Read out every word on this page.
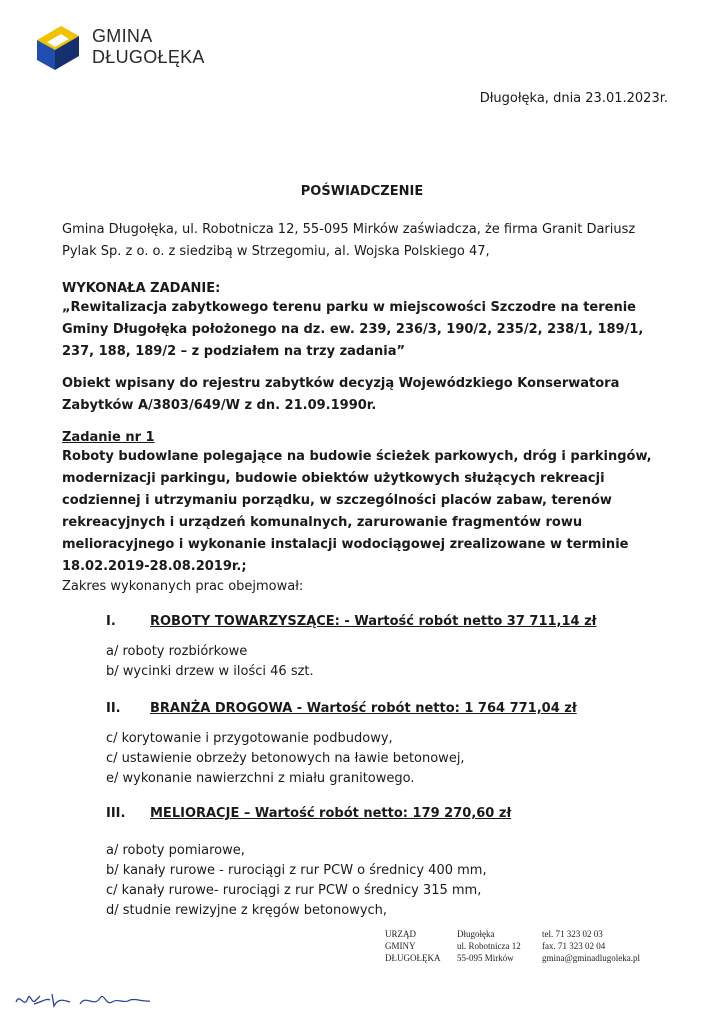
GMINA
DŁUGOŁĘKA
Długołęka, dnia 23.01.2023r.
POŚWIADCZENIE
Gmina Długołęka, ul. Robotnicza 12, 55-095 Mirków zaświadcza, że firma Granit Dariusz Pylak Sp. z o. o. z siedzibą w Strzegomiu, al. Wojska Polskiego 47,
WYKONAŁA ZADANIE:
„Rewitalizacja zabytkowego terenu parku w miejscowości Szczodre na terenie Gminy Długołęka położonego na dz. ew. 239, 236/3, 190/2, 235/2, 238/1, 189/1, 237, 188, 189/2 – z podziałem na trzy zadania”
Obiekt wpisany do rejestru zabytków decyzją Wojewódzkiego Konserwatora Zabytków A/3803/649/W z dn. 21.09.1990r.
Zadanie nr 1
Roboty budowlane polegające na budowie ścieżek parkowych, dróg i parkingów, modernizacji parkingu, budowie obiektów użytkowych służących rekreacji codziennej i utrzymaniu porządku, w szczególności placów zabaw, terenów rekreacyjnych i urządzeń komunalnych, zarurowanie fragmentów rowu melioracyjnego i wykonanie instalacji wodociągowej zrealizowane w terminie 18.02.2019-28.08.2019r.;
Zakres wykonanych prac obejmował:
I.	ROBOTY TOWARZYSZĄCE: - Wartość robót netto 37 711,14 zł
a/ roboty rozbiórkowe
b/ wycinki drzew w ilości 46 szt.
II. BRANŻA DROGOWA - Wartość robót netto: 1 764 771,04 zł
c/ korytowanie i przygotowanie podbudowy,
c/ ustawienie obrzeży betonowych na ławie betonowej,
e/ wykonanie nawierzchni z miału granitowego.
III. MELIORACJE – Wartość robót netto: 179 270,60 zł
a/ roboty pomiarowe,
b/ kanały rurowe - rurociągi z rur PCW o średnicy 400 mm,
c/ kanały rurowe- rurociągi z rur PCW o średnicy 315 mm,
d/ studnie rewizyjne z kręgów betonowych,
URZĄD
GMINY
DŁUGOŁĘKA
Długołęka
ul. Robotnicza 12
55-095 Mirków
tel. 71 323 02 03
fax. 71 323 02 04
gmina@gminadlugoleka.pl
